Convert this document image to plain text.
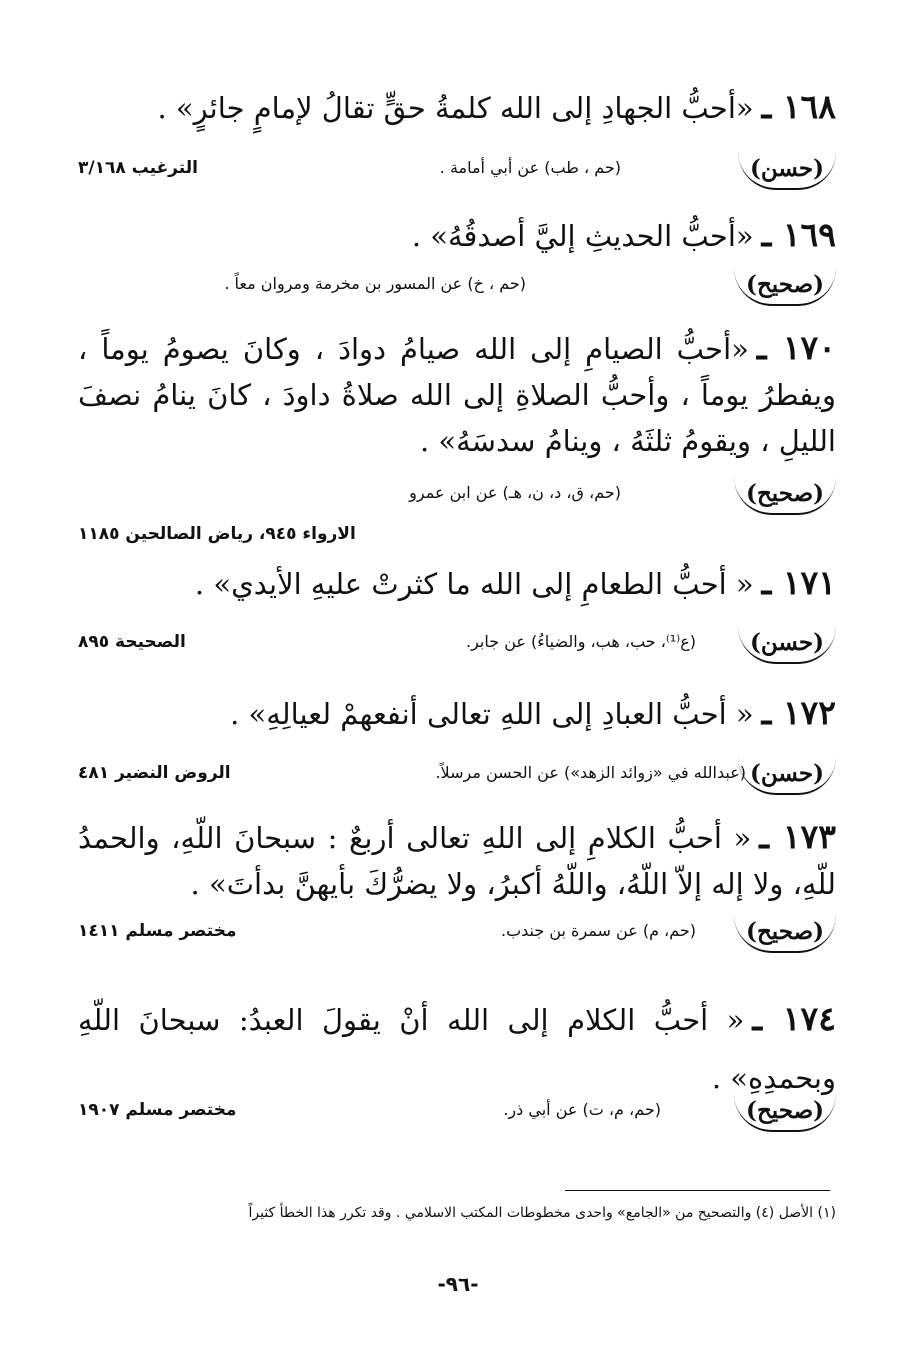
١٦٨ ـ«أحبُّ الجهادِ إلى الله كلمةُ حقٍّ تقالُ لإمامٍ جائرٍ» .
( حسن )
(حم ، طب) عن أبي أمامة .
الترغيب ٣/١٦٨
١٦٩ ـ«أحبُّ الحديثِ إليَّ أصدقُهُ» .
( صحيح )
(حم ، خ) عن المسور بن مخرمة ومروان معاً .
١٧٠ ـ«أحبُّ الصيامِ إلى الله صيامُ دوادَ ، وكانَ يصومُ يوماً ، ويفطرُ يوماً ، وأحبُّ الصلاةِ إلى الله صلاةُ داودَ ، كانَ ينامُ نصفَ الليلِ ، ويقومُ ثلثَهُ ، وينامُ سدسَهُ» .
( صحيح )
(حم، ق، د، ن، هـ) عن ابن عمرو
الارواء ٩٤٥، رياض الصالحين ١١٨٥
١٧١ ـ« أحبُّ الطعامِ إلى الله ما كثرتْ عليهِ الأيدي» .
( حسن )
(ع⁽¹⁾، حب، هب، والضياءُ) عن جابر.
الصحيحة ٨٩٥
١٧٢ ـ« أحبُّ العبادِ إلى اللهِ تعالى أنفعهمْ لعيالِهِ» .
( حسن )
(عبدالله في «زوائد الزهد») عن الحسن مرسلاً.
الروض النضير ٤٨١
١٧٣ ـ« أحبُّ الكلامِ إلى اللهِ تعالى أربعٌ : سبحانَ اللّهِ، والحمدُ للّهِ، ولا إله إلاّ اللّهُ، واللّهُ أكبرُ، ولا يضرُّكَ بأيهنَّ بدأتَ» .
( صحيح )
(حم، م) عن سمرة بن جندب.
مختصر مسلم ١٤١١
١٧٤ ـ« أحبُّ الكلام إلى الله أنْ يقولَ العبدُ: سبحانَ اللّهِ وبحمدِهِ» .
( صحيح )
(حم، م، ت) عن أبي ذر.
مختصر مسلم ١٩٠٧
(١) الأصل (٤) والتصحيح من «الجامع» واحدى مخطوطات المكتب الاسلامي . وقد تكرر هذا الخطأ كثيراً
-٩٦-
